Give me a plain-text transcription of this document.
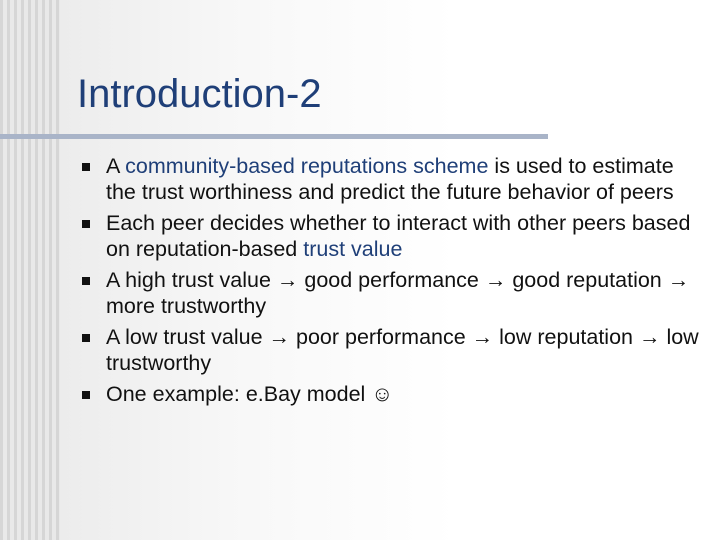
Introduction-2
A community-based reputations scheme is used to estimate the trust worthiness and predict the future behavior of peers
Each peer decides whether to interact with other peers based on reputation-based trust value
A high trust value → good performance → good reputation → more trustworthy
A low trust value → poor performance → low reputation → low trustworthy
One example: e.Bay model ☺
